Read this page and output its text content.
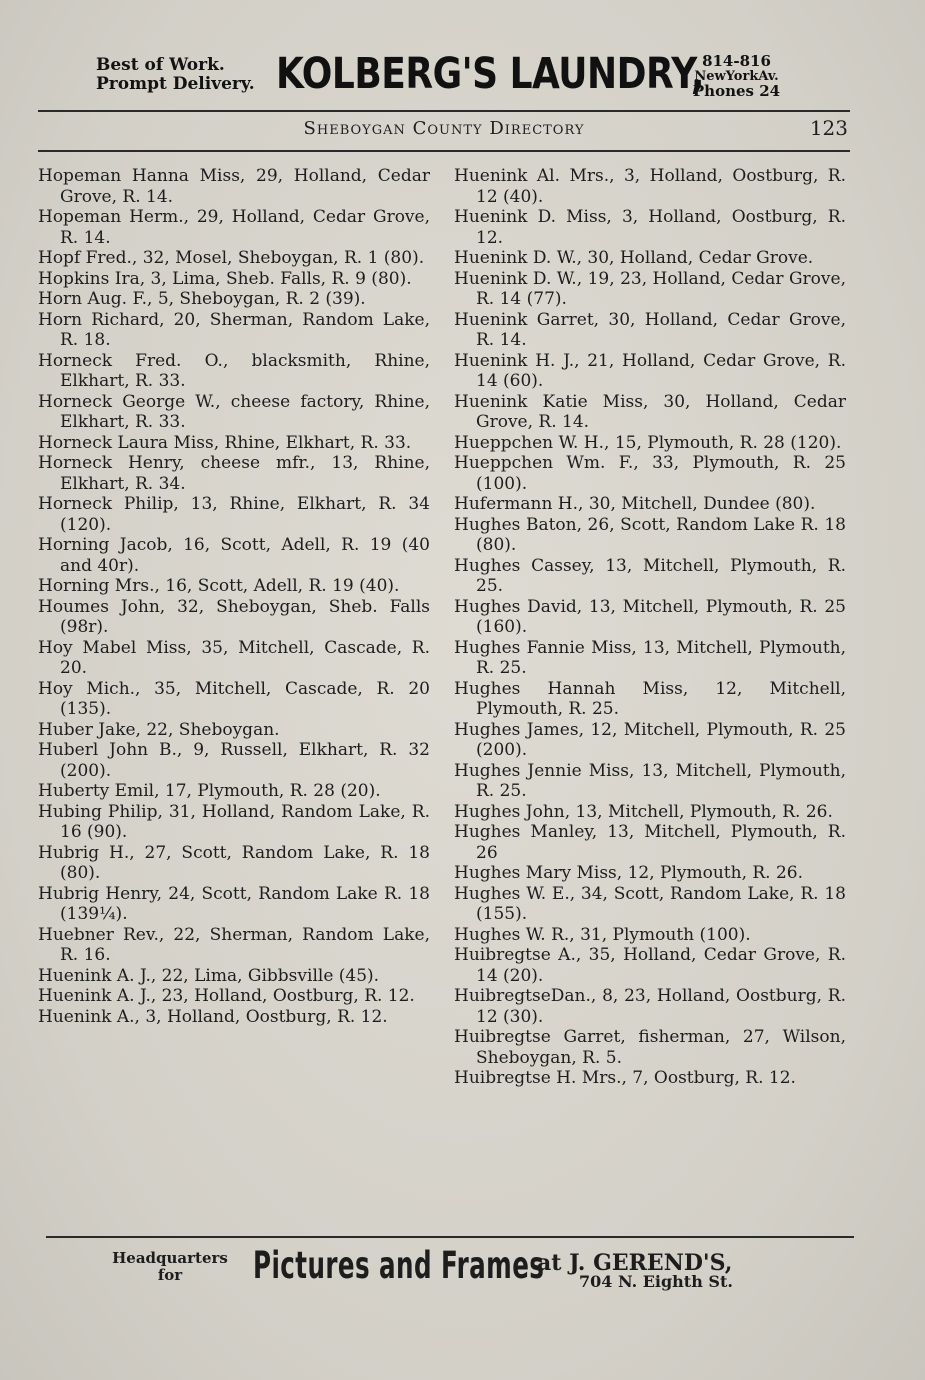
Best of Work.
Prompt Delivery. KOLBERG'S LAUNDRY,
814-816
NewYorkAv.
Phones 24
Sheboygan County Directory	123

Hopeman Hanna Miss, 29, Holland, Cedar Grove, R. 14.

Hopeman Herm., 29, Holland, Cedar Grove, R. 14.

Hopf Fred., 32, Mosel, Sheboygan, R. 1 (80).

Hopkins Ira, 3, Lima, Sheb. Falls, R. 9 (80).

Horn Aug. F., 5, Sheboygan, R. 2 (39).

Horn Richard, 20, Sherman, Random Lake, R. 18.

Horneck Fred. O., blacksmith, Rhine, Elkhart, R. 33.

Horneck George W., cheese factory, Rhine, Elkhart, R. 33.

Horneck Laura Miss, Rhine, Elkhart, R. 33.

Horneck Henry, cheese mfr., 13, Rhine, Elkhart, R. 34.

Horneck Philip, 13, Rhine, Elkhart, R. 34 (120).

Horning Jacob, 16, Scott, Adell, R. 19 (40 and 40r).

Horning Mrs., 16, Scott, Adell, R. 19 (40).

Houmes John, 32, Sheboygan, Sheb. Falls (98r).

Hoy Mabel Miss, 35, Mitchell, Cascade, R. 20.

Hoy Mich., 35, Mitchell, Cascade, R. 20 (135).

Huber Jake, 22, Sheboygan.

Huberl John B., 9, Russell, Elkhart, R. 32 (200).

Huberty Emil, 17, Plymouth, R. 28 (20).

Hubing Philip, 31, Holland, Random Lake, R. 16 (90).

Hubrig H., 27, Scott, Random Lake, R. 18 (80).

Hubrig Henry, 24, Scott, Random Lake R. 18 (139¼).

Huebner Rev., 22, Sherman, Random Lake, R. 16.

Huenink A. J., 22, Lima, Gibbsville (45).

Huenink A. J., 23, Holland, Oostburg, R. 12.

Huenink A., 3, Holland, Oostburg, R. 12.

Huenink Al. Mrs., 3, Holland, Oostburg, R. 12 (40).

Huenink D. Miss, 3, Holland, Oostburg, R. 12.

Huenink D. W., 30, Holland, Cedar Grove.

Huenink D. W., 19, 23, Holland, Cedar Grove, R. 14 (77).

Huenink Garret, 30, Holland, Cedar Grove, R. 14.

Huenink H. J., 21, Holland, Cedar Grove, R. 14 (60).

Huenink Katie Miss, 30, Holland, Cedar Grove, R. 14.

Hueppchen W. H., 15, Plymouth, R. 28 (120).

Hueppchen Wm. F., 33, Plymouth, R. 25 (100).

Hufermann H., 30, Mitchell, Dundee (80).

Hughes Baton, 26, Scott, Random Lake R. 18 (80).

Hughes Cassey, 13, Mitchell, Plymouth, R. 25.

Hughes David, 13, Mitchell, Plymouth, R. 25 (160).

Hughes Fannie Miss, 13, Mitchell, Plymouth, R. 25.

Hughes Hannah Miss, 12, Mitchell, Plymouth, R. 25.

Hughes James, 12, Mitchell, Plymouth, R. 25 (200).

Hughes Jennie Miss, 13, Mitchell, Plymouth, R. 25.

Hughes John, 13, Mitchell, Plymouth, R. 26.

Hughes Manley, 13, Mitchell, Plymouth, R. 26

Hughes Mary Miss, 12, Plymouth, R. 26.

Hughes W. E., 34, Scott, Random Lake, R. 18 (155).

Hughes W. R., 31, Plymouth (100).

Huibregtse A., 35, Holland, Cedar Grove, R. 14 (20).

HuibregtseDan., 8, 23, Holland, Oostburg, R. 12 (30).

Huibregtse Garret, fisherman, 27, Wilson, Sheboygan, R. 5.

Huibregtse H. Mrs., 7, Oostburg, R. 12.

Headquarters
for	Pictures and Frames
at J. GEREND'S,
704 N. Eighth St.
